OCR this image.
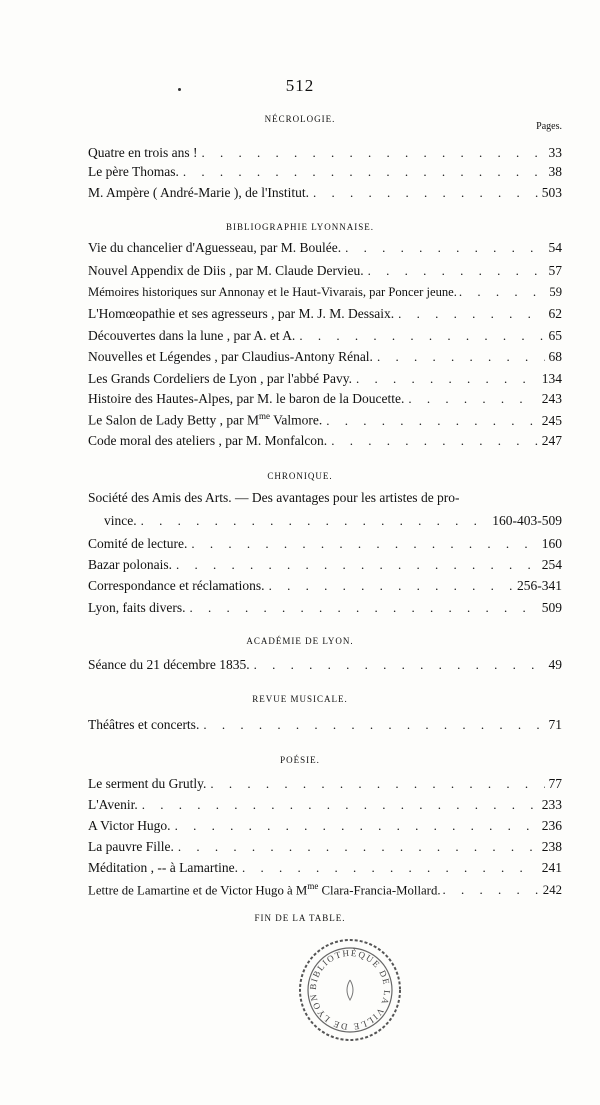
512
NÉCROLOGIE.
Pages.
Quatre en trois ans ! . . .	33
Le père Thomas. . . .	38
M. Ampère ( André-Marie ), de l'Institut. . . .	503
BIBLIOGRAPHIE LYONNAISE.
Vie du chancelier d'Aguesseau, par M. Boulée. . . .	54
Nouvel Appendix de Diis , par M. Claude Dervieu. . . .	57
Mémoires historiques sur Annonay et le Haut-Vivarais, par Poncer jeune. . . .	59
L'Homœopathie et ses agresseurs , par M. J. M. Dessaix. . . .	62
Découvertes dans la lune , par A. et A. . . .	65
Nouvelles et Légendes , par Claudius-Antony Rénal. . . .	68
Les Grands Cordeliers de Lyon , par l'abbé Pavy. . . .	134
Histoire des Hautes-Alpes, par M. le baron de la Doucette. . . .	243
Le Salon de Lady Betty , par $M^{me}$ Valmore. . . .	245
Code moral des ateliers , par M. Monfalcon. . . .	247
CHRONIQUE.
Société des Amis des Arts. — Des avantages pour les artistes de pro-
vince. . . .	160-403-509
Comité de lecture. . . .	160
Bazar polonais. . . .	254
Correspondance et réclamations. . . .	256-341
Lyon, faits divers. . . .	509
ACADÉMIE DE LYON.
Séance du 21 décembre 1835. . . .	49
REVUE MUSICALE.
Théâtres et concerts. . . .	71
POÉSIE.
Le serment du Grutly. . . .	77
L'Avenir. . . .	233
A Victor Hugo. . . .	236
La pauvre Fille. . . .	238
Méditation , -- à Lamartine. . . .	241
Lettre de Lamartine et de Victor Hugo à $M^{me}$ Clara-Francia-Mollard. . . .	242
FIN DE LA TABLE.
BIBLIOTHÈQUE DE LA VILLE DE LYON
